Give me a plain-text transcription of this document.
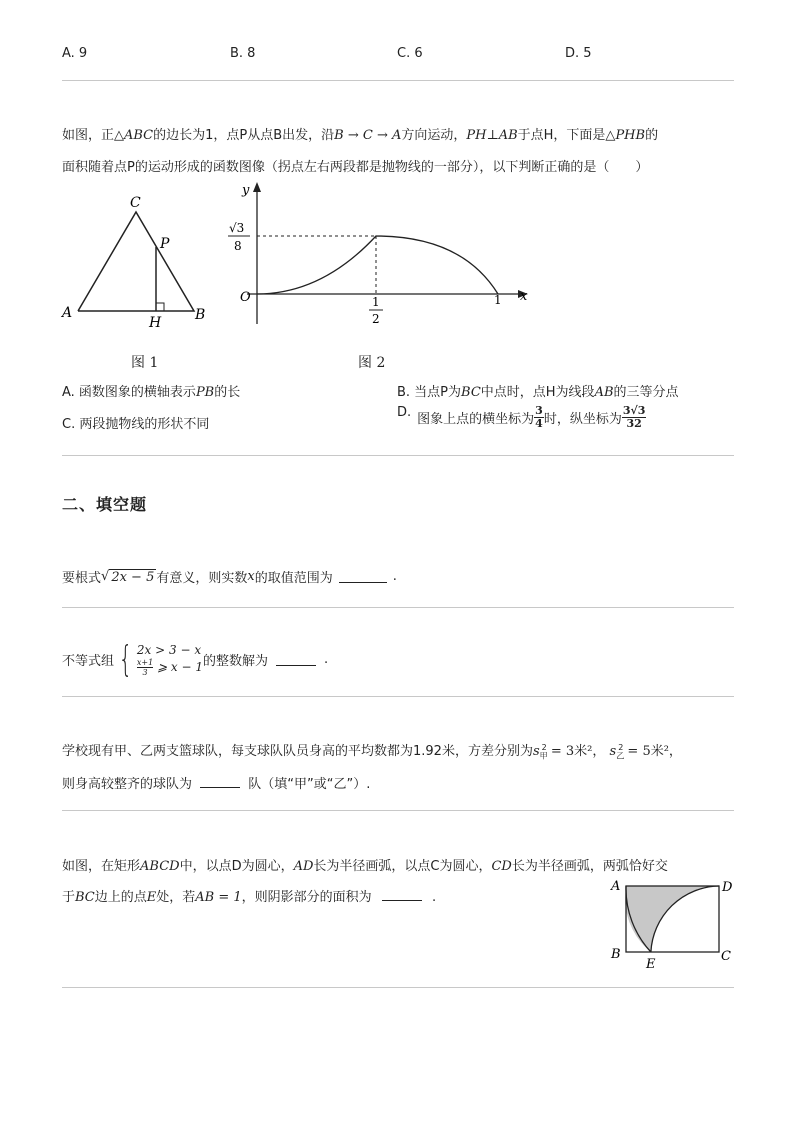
A. 9	B. 8	C. 6	D. 5
如图，正△ABC的边长为1，点P从点B出发，沿B → C → A方向运动，PH⊥AB于点H，下面是△PHB的
面积随着点P的运动形成的函数图像（拐点左右两段都是抛物线的一部分），以下判断正确的是（　　）
C
P
A	B
H
图 1
y
x
O	1
1
2
√3
8
图 2
A. 函数图象的横轴表示PB的长	B. 当点P为BC中点时，点H为线段AB的三等分点
C. 两段抛物线的形状不同
D. 图象上点的横坐标为 $\frac{3}{4}$ 时，纵坐标为 $\frac{3√3}{32}$
二、填空题
要根式 √ 2x − 5 有意义，则实数 x 的取值范围为	.
不等式组 { 2x > 3 − x
$\frac{x+1}{3}$ ⩾ x − 1 的整数解为	.
学校现有甲、乙两支篮球队，每支球队队员身高的平均数都为1.92米，方差分别为$s_甲^2 = 3$米²， $s_乙^2 = 5$米²，
则身高较整齐的球队为	队（填“甲”或“乙”）.
如图，在矩形ABCD中，以点D为圆心，AD长为半径画弧，以点C为圆心，CD长为半径画弧，两弧恰好交
于BC边上的点E处，若AB = 1，则阴影部分的面积为	.
A	D
B	C
E
